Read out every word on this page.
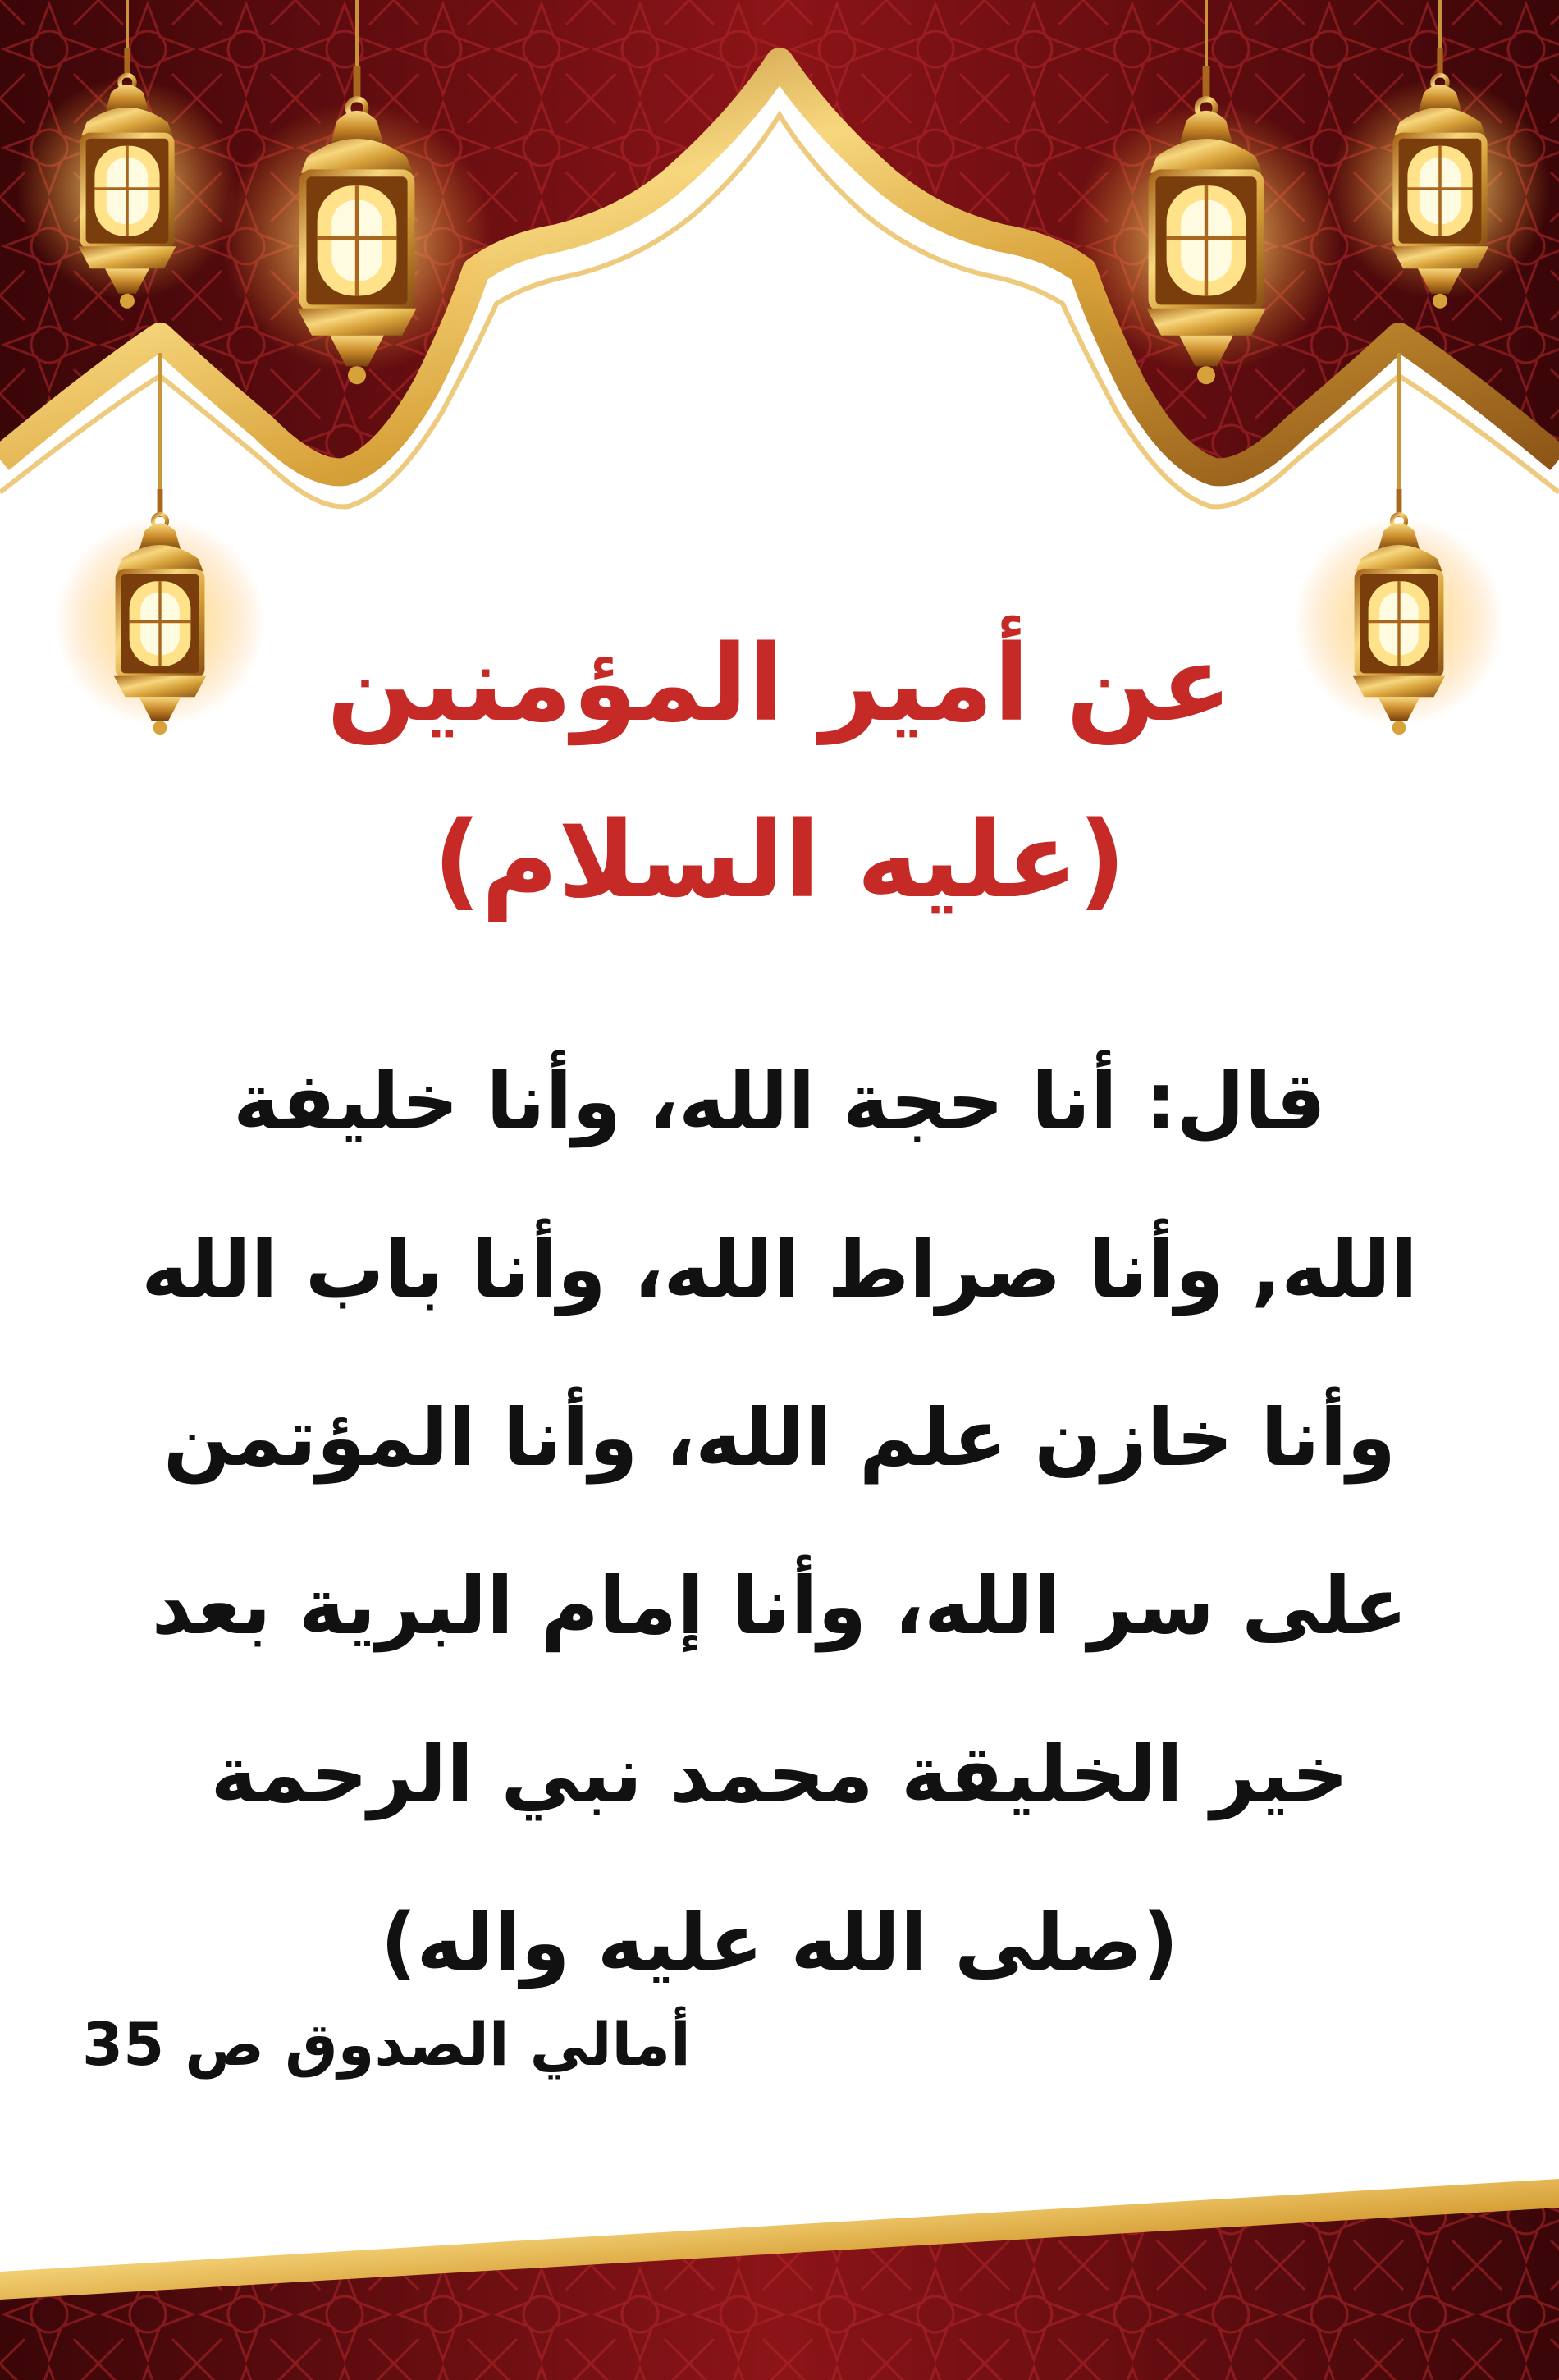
عن أمير المؤمنين
(عليه السلام)
قال: أنا حجة الله، وأنا خليفة
الله, وأنا صراط الله، وأنا باب الله
وأنا خازن علم الله، وأنا المؤتمن
على سر الله، وأنا إمام البرية بعد
خير الخليقة محمد نبي الرحمة
(صلى الله عليه واله)
أمالي الصدوق ص 35
